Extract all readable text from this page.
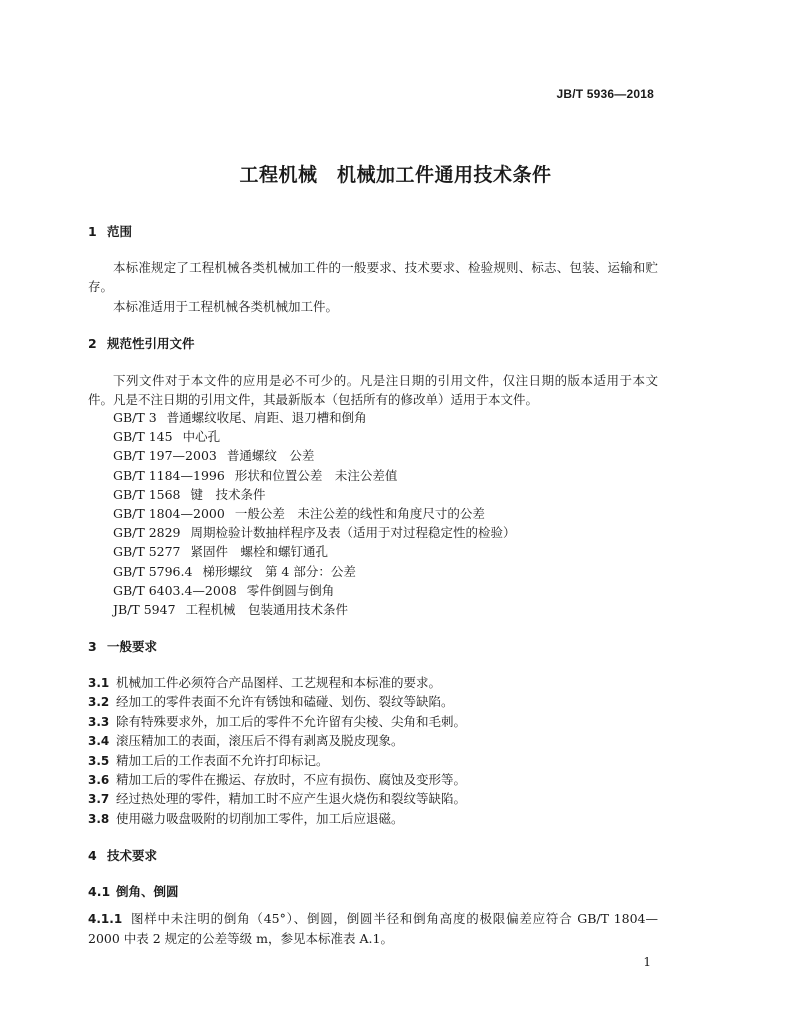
JB/T 5936—2018
工程机械　机械加工件通用技术条件
1 范围
本标准规定了工程机械各类机械加工件的一般要求、技术要求、检验规则、标志、包装、运输和贮存。
本标准适用于工程机械各类机械加工件。
2 规范性引用文件
下列文件对于本文件的应用是必不可少的。凡是注日期的引用文件，仅注日期的版本适用于本文件。凡是不注日期的引用文件，其最新版本（包括所有的修改单）适用于本文件。
GB/T 3 普通螺纹收尾、肩距、退刀槽和倒角
GB/T 145 中心孔
GB/T 197—2003 普通螺纹　公差
GB/T 1184—1996 形状和位置公差　未注公差值
GB/T 1568 键　技术条件
GB/T 1804—2000 一般公差　未注公差的线性和角度尺寸的公差
GB/T 2829 周期检验计数抽样程序及表（适用于对过程稳定性的检验）
GB/T 5277 紧固件　螺栓和螺钉通孔
GB/T 5796.4 梯形螺纹　第 4 部分：公差
GB/T 6403.4—2008 零件倒圆与倒角
JB/T 5947 工程机械　包装通用技术条件
3 一般要求
3.1 机械加工件必须符合产品图样、工艺规程和本标准的要求。
3.2 经加工的零件表面不允许有锈蚀和磕碰、划伤、裂纹等缺陷。
3.3 除有特殊要求外，加工后的零件不允许留有尖棱、尖角和毛刺。
3.4 滚压精加工的表面，滚压后不得有剥离及脱皮现象。
3.5 精加工后的工作表面不允许打印标记。
3.6 精加工后的零件在搬运、存放时，不应有损伤、腐蚀及变形等。
3.7 经过热处理的零件，精加工时不应产生退火烧伤和裂纹等缺陷。
3.8 使用磁力吸盘吸附的切削加工零件，加工后应退磁。
4 技术要求
4.1 倒角、倒圆
4.1.1 图样中未注明的倒角（45°）、倒圆，倒圆半径和倒角高度的极限偏差应符合 GB/T 1804—2000 中表 2 规定的公差等级 m，参见本标准表 A.1。
1
